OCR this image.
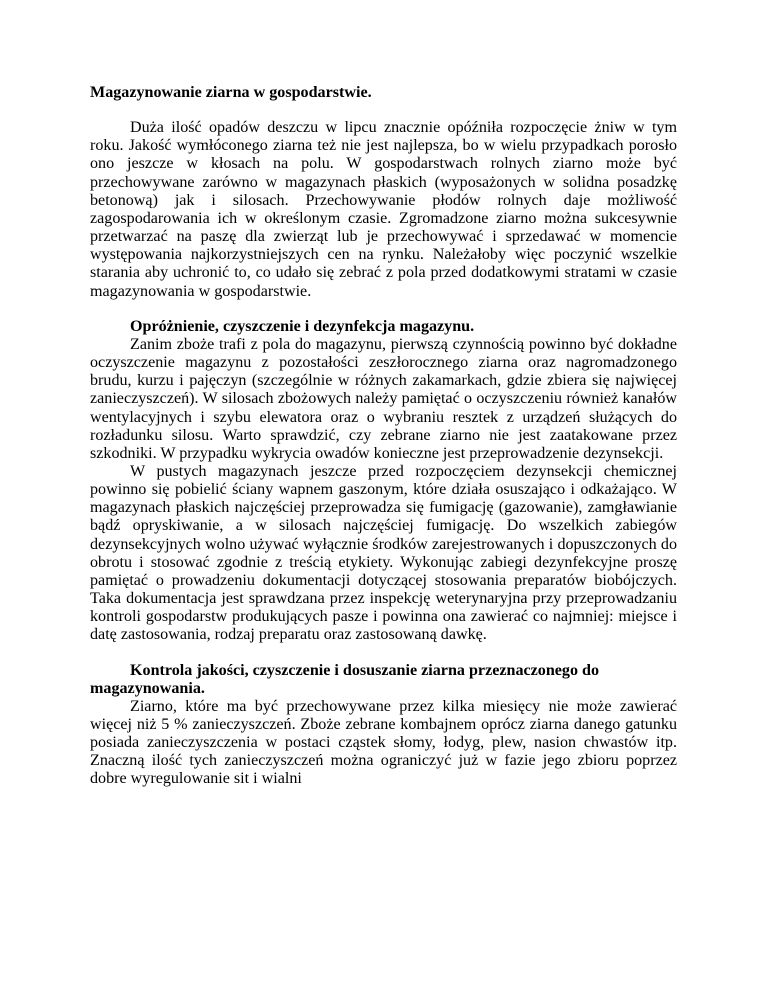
Magazynowanie ziarna w gospodarstwie.

Duża ilość opadów deszczu w lipcu znacznie opóźniła rozpoczęcie żniw w tym roku. Jakość wymłóconego ziarna też nie jest najlepsza, bo w wielu przypadkach porosło ono jeszcze w kłosach na polu. W gospodarstwach rolnych ziarno może być przechowywane zarówno w magazynach płaskich (wyposażonych w solidna posadzkę betonową) jak i silosach. Przechowywanie płodów rolnych daje możliwość zagospodarowania ich w określonym czasie. Zgromadzone ziarno można sukcesywnie przetwarzać na paszę dla zwierząt lub je przechowywać i sprzedawać w momencie występowania najkorzystniejszych cen na rynku. Należałoby więc poczynić wszelkie starania aby uchronić to, co udało się zebrać z pola przed dodatkowymi stratami w czasie magazynowania w gospodarstwie.

Opróżnienie, czyszczenie i dezynfekcja magazynu.

Zanim zboże trafi z pola do magazynu, pierwszą czynnością powinno być dokładne oczyszczenie magazynu z pozostałości zeszłorocznego ziarna oraz nagromadzonego brudu, kurzu i pajęczyn (szczególnie w różnych zakamarkach, gdzie zbiera się najwięcej zanieczyszczeń). W silosach zbożowych należy pamiętać o oczyszczeniu również kanałów wentylacyjnych i szybu elewatora oraz o wybraniu resztek z urządzeń służących do rozładunku silosu. Warto sprawdzić, czy zebrane ziarno nie jest zaatakowane przez szkodniki. W przypadku wykrycia owadów konieczne jest przeprowadzenie dezynsekcji.

W pustych magazynach jeszcze przed rozpoczęciem dezynsekcji chemicznej powinno się pobielić ściany wapnem gaszonym, które działa osuszająco i odkażająco. W magazynach płaskich najczęściej przeprowadza się fumigację (gazowanie), zamgławianie bądź opryskiwanie, a w silosach najczęściej fumigację. Do wszelkich zabiegów dezynsekcyjnych wolno używać wyłącznie środków zarejestrowanych i dopuszczonych do obrotu i stosować zgodnie z treścią etykiety. Wykonując zabiegi dezynfekcyjne proszę pamiętać o prowadzeniu dokumentacji dotyczącej stosowania preparatów biobójczych. Taka dokumentacja jest sprawdzana przez inspekcję weterynaryjna przy przeprowadzaniu kontroli gospodarstw produkujących pasze i powinna ona zawierać co najmniej: miejsce i datę zastosowania, rodzaj preparatu oraz zastosowaną dawkę.

Kontrola jakości, czyszczenie i dosuszanie ziarna przeznaczonego do magazynowania.

Ziarno, które ma być przechowywane przez kilka miesięcy nie może zawierać więcej niż 5 % zanieczyszczeń. Zboże zebrane kombajnem oprócz ziarna danego gatunku posiada zanieczyszczenia w postaci cząstek słomy, łodyg, plew, nasion chwastów itp. Znaczną ilość tych zanieczyszczeń można ograniczyć już w fazie jego zbioru poprzez dobre wyregulowanie sit i wialni
